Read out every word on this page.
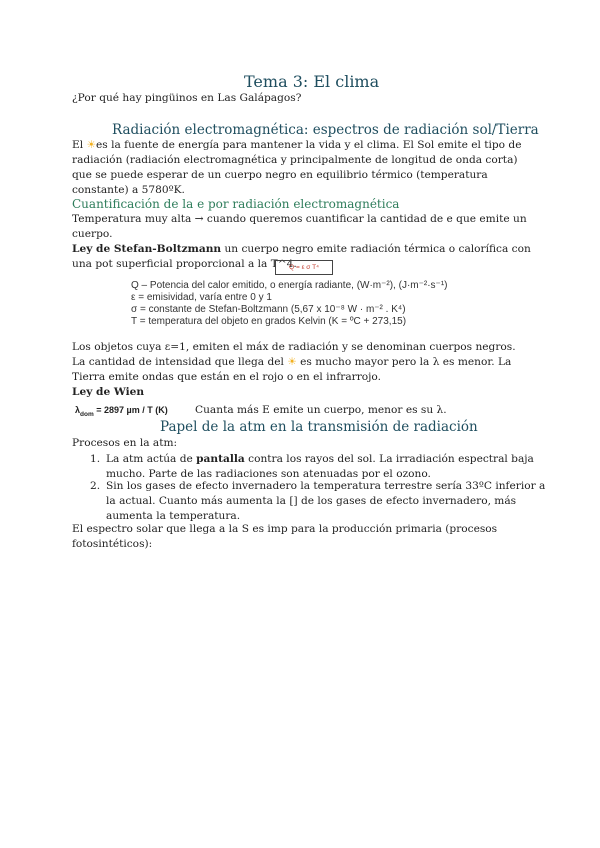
Tema 3: El clima
¿Por qué hay pingüinos en Las Galápagos?
Radiación electromagnética: espectros de radiación sol/Tierra
El ☀es la fuente de energía para mantener la vida y el clima. El Sol emite el tipo de radiación (radiación electromagnética y principalmente de longitud de onda corta) que se puede esperar de un cuerpo negro en equilibrio térmico (temperatura constante) a 5780ºK.
Cuantificación de la e por radiación electromagnética
Temperatura muy alta → cuando queremos cuantificar la cantidad de e que emite un cuerpo.
Ley de Stefan-Boltzmann un cuerpo negro emite radiación térmica o calorífica con una pot superficial proporcional a la T^4.
Q = ε σ T⁴
Q – Potencia del calor emitido, o energía radiante, (W·m⁻²), (J·m⁻²·s⁻¹)
ε = emisividad, varía entre 0 y 1
σ = constante de Stefan-Boltzmann (5,67 x 10⁻⁸ W · m⁻² . K⁴)
T = temperatura del objeto en grados Kelvin (K = ºC + 273,15)
Los objetos cuya ε=1, emiten el máx de radiación y se denominan cuerpos negros.
La cantidad de intensidad que llega del ☀ es mucho mayor pero la λ es menor. La Tierra emite ondas que están en el rojo o en el infrarrojo.
Ley de Wien
$\lambda_{dom} = 2897$ µm / T (K)	Cuanta más E emite un cuerpo, menor es su λ.
Papel de la atm en la transmisión de radiación
Procesos en la atm:
1. La atm actúa de pantalla contra los rayos del sol. La irradiación espectral baja mucho. Parte de las radiaciones son atenuadas por el ozono.
2. Sin los gases de efecto invernadero la temperatura terrestre sería 33ºC inferior a la actual. Cuanto más aumenta la [] de los gases de efecto invernadero, más aumenta la temperatura.
El espectro solar que llega a la S es imp para la producción primaria (procesos fotosintéticos):
